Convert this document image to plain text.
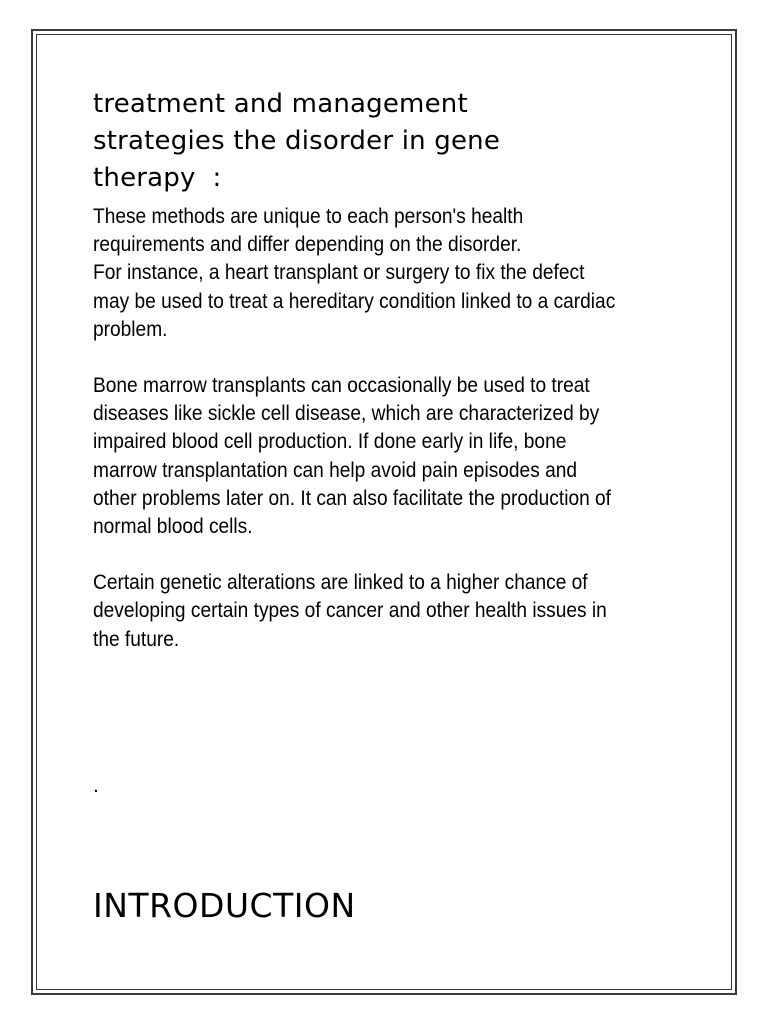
treatment and management
strategies the disorder in gene
therapy  :

These methods are unique to each person's health
requirements and differ depending on the disorder.
For instance, a heart transplant or surgery to fix the defect
may be used to treat a hereditary condition linked to a cardiac
problem.

Bone marrow transplants can occasionally be used to treat
diseases like sickle cell disease, which are characterized by
impaired blood cell production. If done early in life, bone
marrow transplantation can help avoid pain episodes and
other problems later on. It can also facilitate the production of
normal blood cells.

Certain genetic alterations are linked to a higher chance of
developing certain types of cancer and other health issues in
the future.

.
INTRODUCTION
